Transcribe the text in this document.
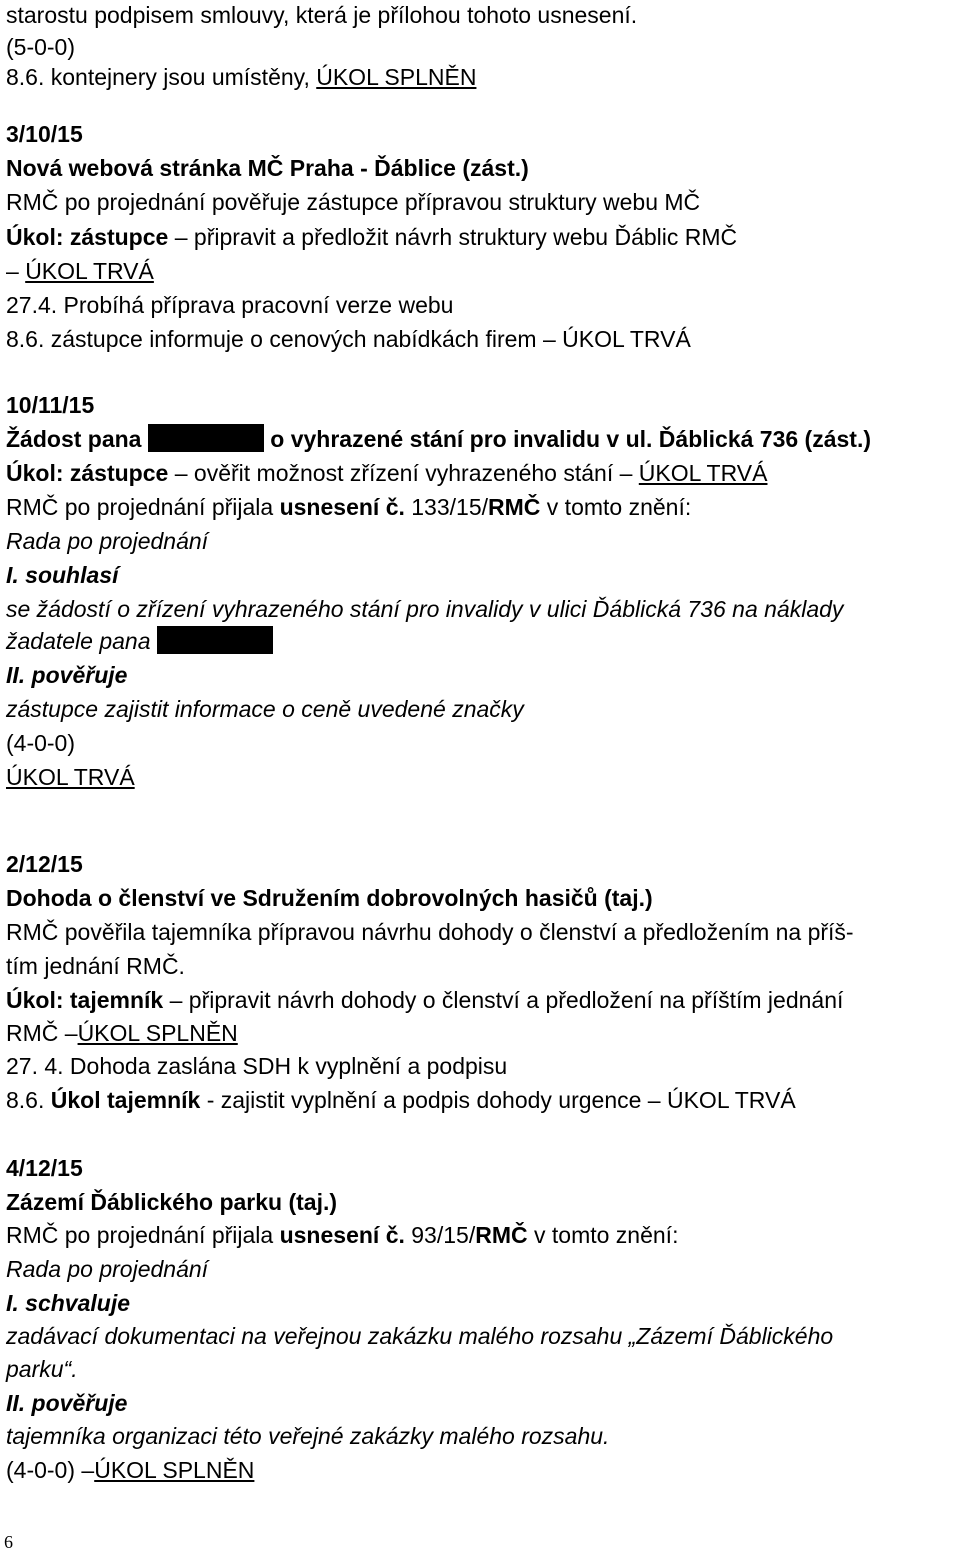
starostu podpisem smlouvy, která je přílohou tohoto usnesení.
(5-0-0)
8.6. kontejnery jsou umístěny, ÚKOL SPLNĚN
3/10/15
Nová webová stránka MČ Praha - Ďáblice (zást.)
RMČ po projednání pověřuje zástupce přípravou struktury webu MČ
Úkol: zástupce – připravit a předložit návrh struktury webu Ďáblic RMČ
– ÚKOL TRVÁ
27.4. Probíhá příprava pracovní verze webu
8.6. zástupce informuje o cenových nabídkách firem – ÚKOL TRVÁ
10/11/15
Žádost pana	o vyhrazené stání pro invalidu v ul. Ďáblická 736 (zást.)
Úkol: zástupce – ověřit možnost zřízení vyhrazeného stání – ÚKOL TRVÁ
RMČ po projednání přijala usnesení č. 133/15/RMČ v tomto znění:
Rada po projednání
I. souhlasí
se žádostí o zřízení vyhrazeného stání pro invalidy v ulici Ďáblická 736 na náklady
žadatele pana
II. pověřuje
zástupce zajistit informace o ceně uvedené značky
(4-0-0)
ÚKOL TRVÁ
2/12/15
Dohoda o členství ve Sdružením dobrovolných hasičů (taj.)
RMČ pověřila tajemníka přípravou návrhu dohody o členství a předložením na příš-
tím jednání RMČ.
Úkol: tajemník – připravit návrh dohody o členství a předložení na příštím jednání
RMČ –ÚKOL SPLNĚN
27. 4. Dohoda zaslána SDH k vyplnění a podpisu
8.6. Úkol tajemník - zajistit vyplnění a podpis dohody urgence – ÚKOL TRVÁ
4/12/15
Zázemí Ďáblického parku (taj.)
RMČ po projednání přijala usnesení č. 93/15/RMČ v tomto znění:
Rada po projednání
I. schvaluje
zadávací dokumentaci na veřejnou zakázku malého rozsahu „Zázemí Ďáblického
parku“.
II. pověřuje
tajemníka organizaci této veřejné zakázky malého rozsahu.
(4-0-0) –ÚKOL SPLNĚN
6
